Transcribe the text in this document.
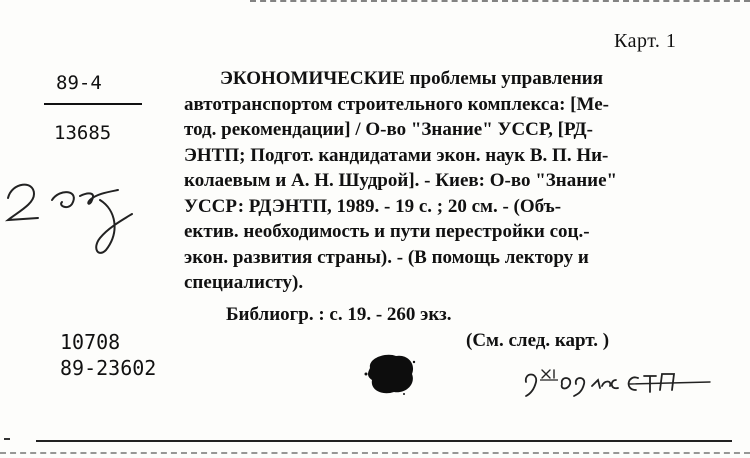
Карт. 1
89-4
13685
ЭКОНОМИЧЕСКИЕ проблемы управления
автотранспортом строительного комплекса: [Ме-
тод. рекомендации] / О-во "Знание" УССР, [РД-
ЭНТП; Подгот. кандидатами экон. наук В. П. Ни-
колаевым и А. Н. Шудрой]. - Киев: О-во "Знание"
УССР: РДЭНТП, 1989. - 19 с. ; 20 см. - (Объ-
ектив. необходимость и пути перестройки соц.-
экон. развития страны). - (В помощь лектору и
специалисту).
Библиогр. : с. 19. - 260 экз.
(См. след. карт. )
10708
89-23602
